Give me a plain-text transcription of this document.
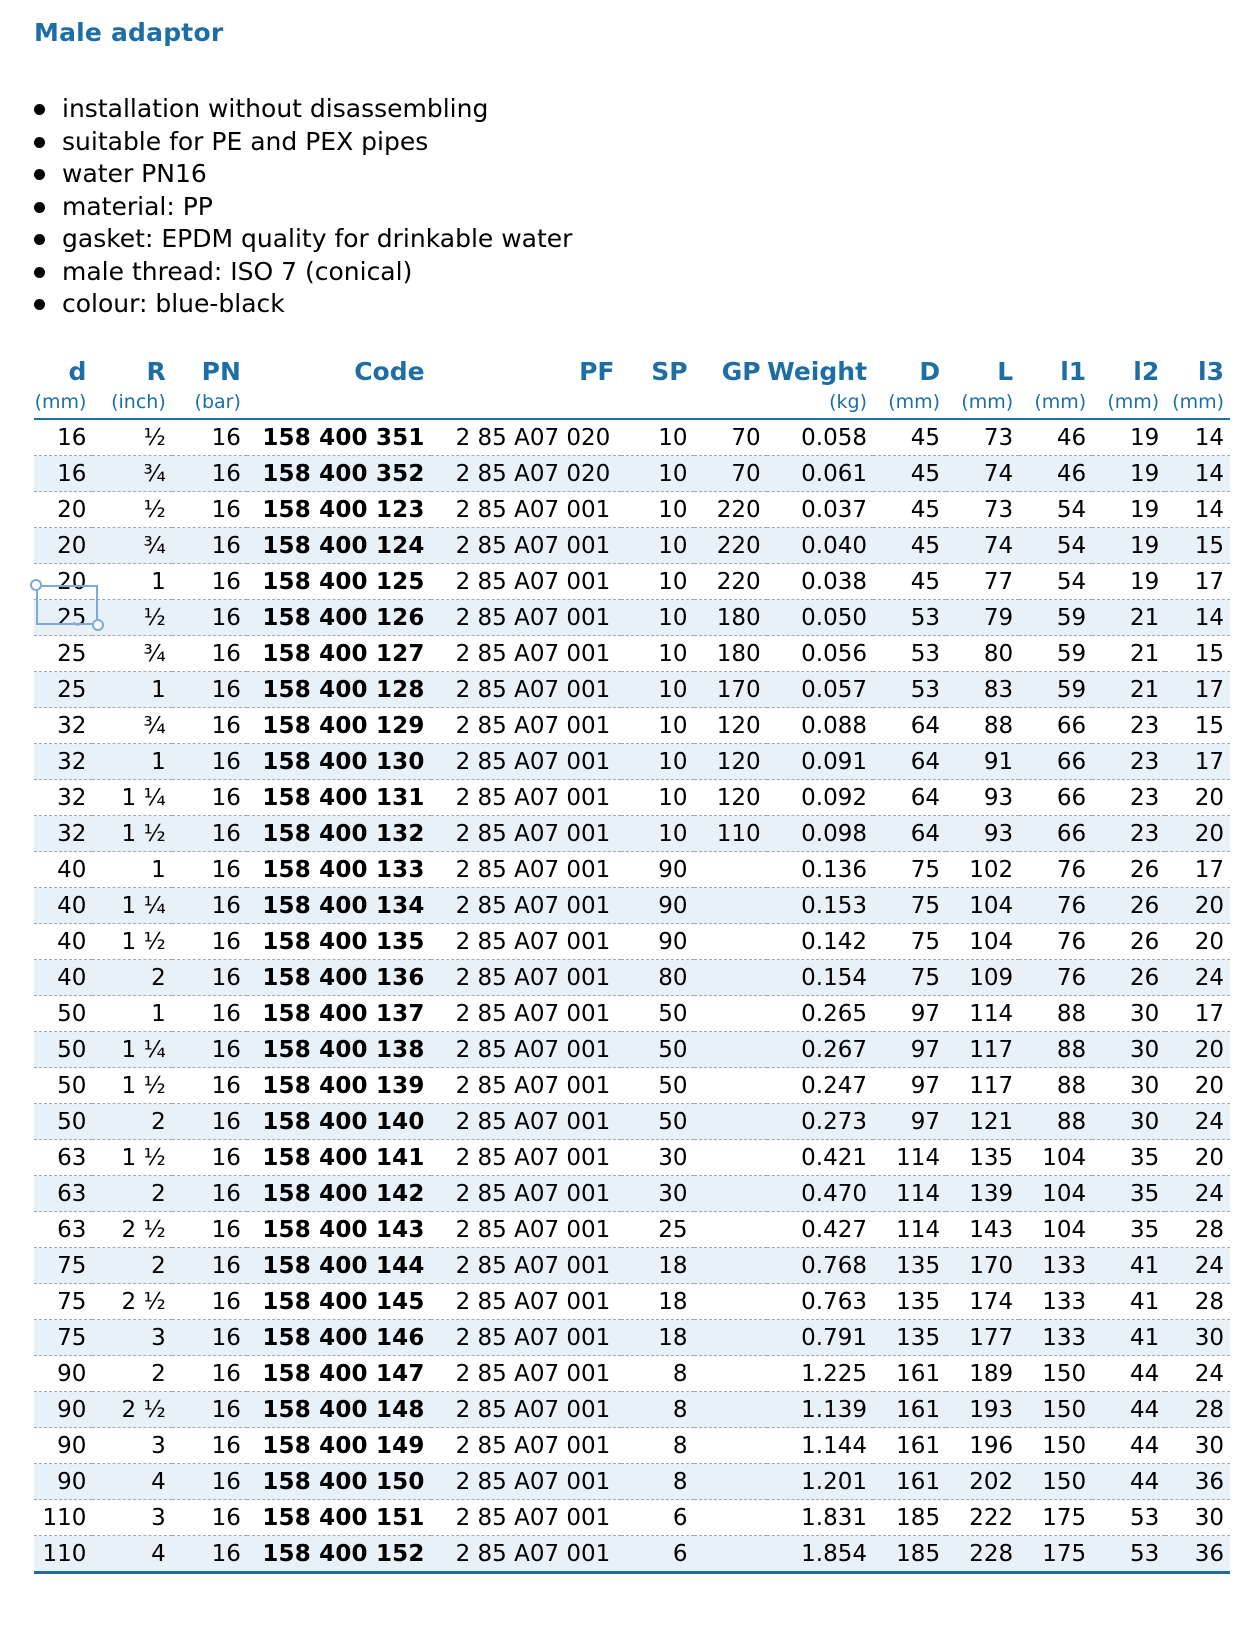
Male adaptor
installation without disassembling
suitable for PE and PEX pipes
water PN16
material: PP
gasket: EPDM quality for drinkable water
male thread: ISO 7 (conical)
colour: blue-black
d	R	PN	Code	PF	SP	GP	Weight	D	L	l1	l2	l3
(mm)	(inch)	(bar)					(kg)	(mm)	(mm)	(mm)	(mm)	(mm)
16	½	16	158 400 351	2 85 A07 020	10	70	0.058	45	73	46	19	14
16	¾	16	158 400 352	2 85 A07 020	10	70	0.061	45	74	46	19	14
20	½	16	158 400 123	2 85 A07 001	10	220	0.037	45	73	54	19	14
20	¾	16	158 400 124	2 85 A07 001	10	220	0.040	45	74	54	19	15
20	1	16	158 400 125	2 85 A07 001	10	220	0.038	45	77	54	19	17
25	½	16	158 400 126	2 85 A07 001	10	180	0.050	53	79	59	21	14
25	¾	16	158 400 127	2 85 A07 001	10	180	0.056	53	80	59	21	15
25	1	16	158 400 128	2 85 A07 001	10	170	0.057	53	83	59	21	17
32	¾	16	158 400 129	2 85 A07 001	10	120	0.088	64	88	66	23	15
32	1	16	158 400 130	2 85 A07 001	10	120	0.091	64	91	66	23	17
32	1 ¼	16	158 400 131	2 85 A07 001	10	120	0.092	64	93	66	23	20
32	1 ½	16	158 400 132	2 85 A07 001	10	110	0.098	64	93	66	23	20
40	1	16	158 400 133	2 85 A07 001	90		0.136	75	102	76	26	17
40	1 ¼	16	158 400 134	2 85 A07 001	90		0.153	75	104	76	26	20
40	1 ½	16	158 400 135	2 85 A07 001	90		0.142	75	104	76	26	20
40	2	16	158 400 136	2 85 A07 001	80		0.154	75	109	76	26	24
50	1	16	158 400 137	2 85 A07 001	50		0.265	97	114	88	30	17
50	1 ¼	16	158 400 138	2 85 A07 001	50		0.267	97	117	88	30	20
50	1 ½	16	158 400 139	2 85 A07 001	50		0.247	97	117	88	30	20
50	2	16	158 400 140	2 85 A07 001	50		0.273	97	121	88	30	24
63	1 ½	16	158 400 141	2 85 A07 001	30		0.421	114	135	104	35	20
63	2	16	158 400 142	2 85 A07 001	30		0.470	114	139	104	35	24
63	2 ½	16	158 400 143	2 85 A07 001	25		0.427	114	143	104	35	28
75	2	16	158 400 144	2 85 A07 001	18		0.768	135	170	133	41	24
75	2 ½	16	158 400 145	2 85 A07 001	18		0.763	135	174	133	41	28
75	3	16	158 400 146	2 85 A07 001	18		0.791	135	177	133	41	30
90	2	16	158 400 147	2 85 A07 001	8		1.225	161	189	150	44	24
90	2 ½	16	158 400 148	2 85 A07 001	8		1.139	161	193	150	44	28
90	3	16	158 400 149	2 85 A07 001	8		1.144	161	196	150	44	30
90	4	16	158 400 150	2 85 A07 001	8		1.201	161	202	150	44	36
110	3	16	158 400 151	2 85 A07 001	6		1.831	185	222	175	53	30
110	4	16	158 400 152	2 85 A07 001	6		1.854	185	228	175	53	36
